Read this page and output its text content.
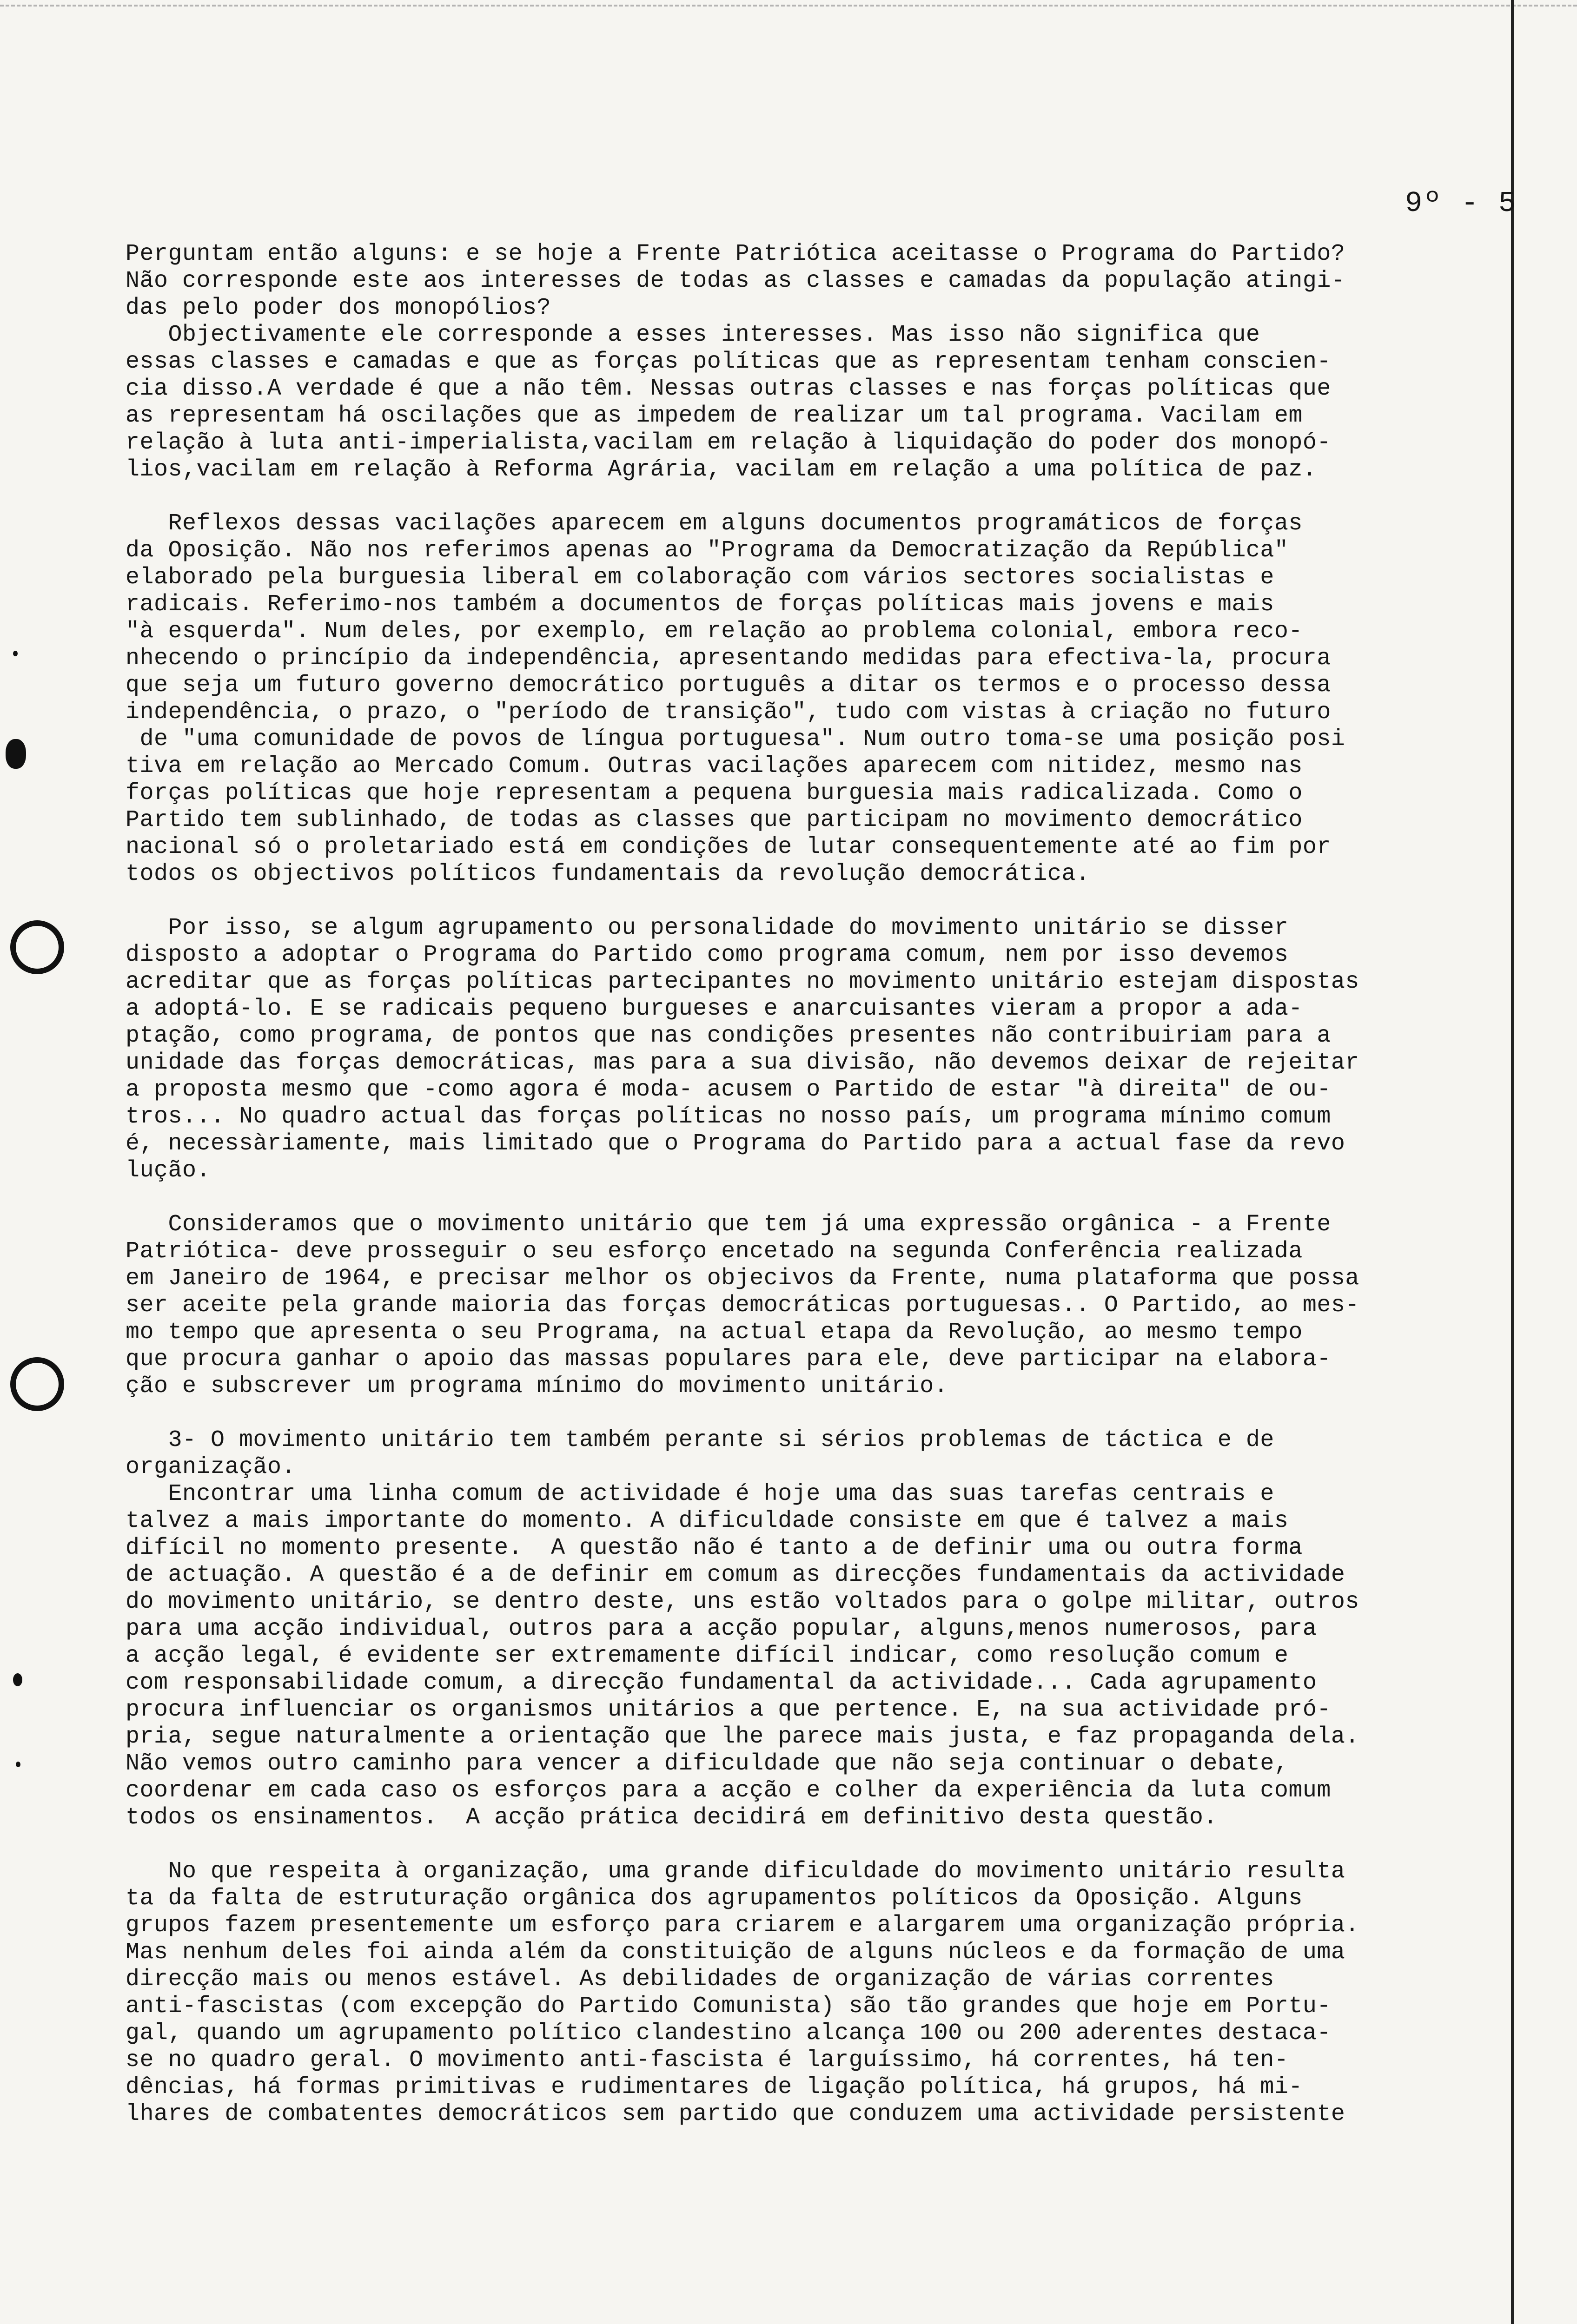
9º - 5
Perguntam então alguns: e se hoje a Frente Patriótica aceitasse o Programa do Partido?
Não corresponde este aos interesses de todas as classes e camadas da população atingi-
das pelo poder dos monopólios?
Objectivamente ele corresponde a esses interesses. Mas isso não significa que
essas classes e camadas e que as forças políticas que as representam tenham conscien-
cia disso.A verdade é que a não têm. Nessas outras classes e nas forças políticas que
as representam há oscilações que as impedem de realizar um tal programa. Vacilam em
relação à luta anti-imperialista,vacilam em relação à liquidação do poder dos monopó-
lios,vacilam em relação à Reforma Agrária, vacilam em relação a uma política de paz.
Reflexos dessas vacilações aparecem em alguns documentos programáticos de forças
da Oposição. Não nos referimos apenas ao "Programa da Democratização da República"
elaborado pela burguesia liberal em colaboração com vários sectores socialistas e
radicais. Referimo-nos também a documentos de forças políticas mais jovens e mais
"à esquerda". Num deles, por exemplo, em relação ao problema colonial, embora reco-
nhecendo o princípio da independência, apresentando medidas para efectiva-la, procura
que seja um futuro governo democrático português a ditar os termos e o processo dessa
independência, o prazo, o "período de transição", tudo com vistas à criação no futuro
de "uma comunidade de povos de língua portuguesa". Num outro toma-se uma posição posi
tiva em relação ao Mercado Comum. Outras vacilações aparecem com nitidez, mesmo nas
forças políticas que hoje representam a pequena burguesia mais radicalizada. Como o
Partido tem sublinhado, de todas as classes que participam no movimento democrático
nacional só o proletariado está em condições de lutar consequentemente até ao fim por
todos os objectivos políticos fundamentais da revolução democrática.
Por isso, se algum agrupamento ou personalidade do movimento unitário se disser
disposto a adoptar o Programa do Partido como programa comum, nem por isso devemos
acreditar que as forças políticas partecipantes no movimento unitário estejam dispostas
a adoptá-lo. E se radicais pequeno burgueses e anarcuisantes vieram a propor a ada-
ptação, como programa, de pontos que nas condições presentes não contribuiriam para a
unidade das forças democráticas, mas para a sua divisão, não devemos deixar de rejeitar
a proposta mesmo que -como agora é moda- acusem o Partido de estar "à direita" de ou-
tros... No quadro actual das forças políticas no nosso país, um programa mínimo comum
é, necessàriamente, mais limitado que o Programa do Partido para a actual fase da revo
lução.
Consideramos que o movimento unitário que tem já uma expressão orgânica - a Frente
Patriótica- deve prosseguir o seu esforço encetado na segunda Conferência realizada
em Janeiro de 1964, e precisar melhor os objecivos da Frente, numa plataforma que possa
ser aceite pela grande maioria das forças democráticas portuguesas.. O Partido, ao mes-
mo tempo que apresenta o seu Programa, na actual etapa da Revolução, ao mesmo tempo
que procura ganhar o apoio das massas populares para ele, deve participar na elabora-
ção e subscrever um programa mínimo do movimento unitário.
3- O movimento unitário tem também perante si sérios problemas de táctica e de
organização.
Encontrar uma linha comum de actividade é hoje uma das suas tarefas centrais e
talvez a mais importante do momento. A dificuldade consiste em que é talvez a mais
difícil no momento presente.  A questão não é tanto a de definir uma ou outra forma
de actuação. A questão é a de definir em comum as direcções fundamentais da actividade
do movimento unitário, se dentro deste, uns estão voltados para o golpe militar, outros
para uma acção individual, outros para a acção popular, alguns,menos numerosos, para
a acção legal, é evidente ser extremamente difícil indicar, como resolução comum e
com responsabilidade comum, a direcção fundamental da actividade... Cada agrupamento
procura influenciar os organismos unitários a que pertence. E, na sua actividade pró-
pria, segue naturalmente a orientação que lhe parece mais justa, e faz propaganda dela.
Não vemos outro caminho para vencer a dificuldade que não seja continuar o debate,
coordenar em cada caso os esforços para a acção e colher da experiência da luta comum
todos os ensinamentos.  A acção prática decidirá em definitivo desta questão.
No que respeita à organização, uma grande dificuldade do movimento unitário resulta
ta da falta de estruturação orgânica dos agrupamentos políticos da Oposição. Alguns
grupos fazem presentemente um esforço para criarem e alargarem uma organização própria.
Mas nenhum deles foi ainda além da constituição de alguns núcleos e da formação de uma
direcção mais ou menos estável. As debilidades de organização de várias correntes
anti-fascistas (com excepção do Partido Comunista) são tão grandes que hoje em Portu-
gal, quando um agrupamento político clandestino alcança 100 ou 200 aderentes destaca-
se no quadro geral. O movimento anti-fascista é larguíssimo, há correntes, há ten-
dências, há formas primitivas e rudimentares de ligação política, há grupos, há mi-
lhares de combatentes democráticos sem partido que conduzem uma actividade persistente
